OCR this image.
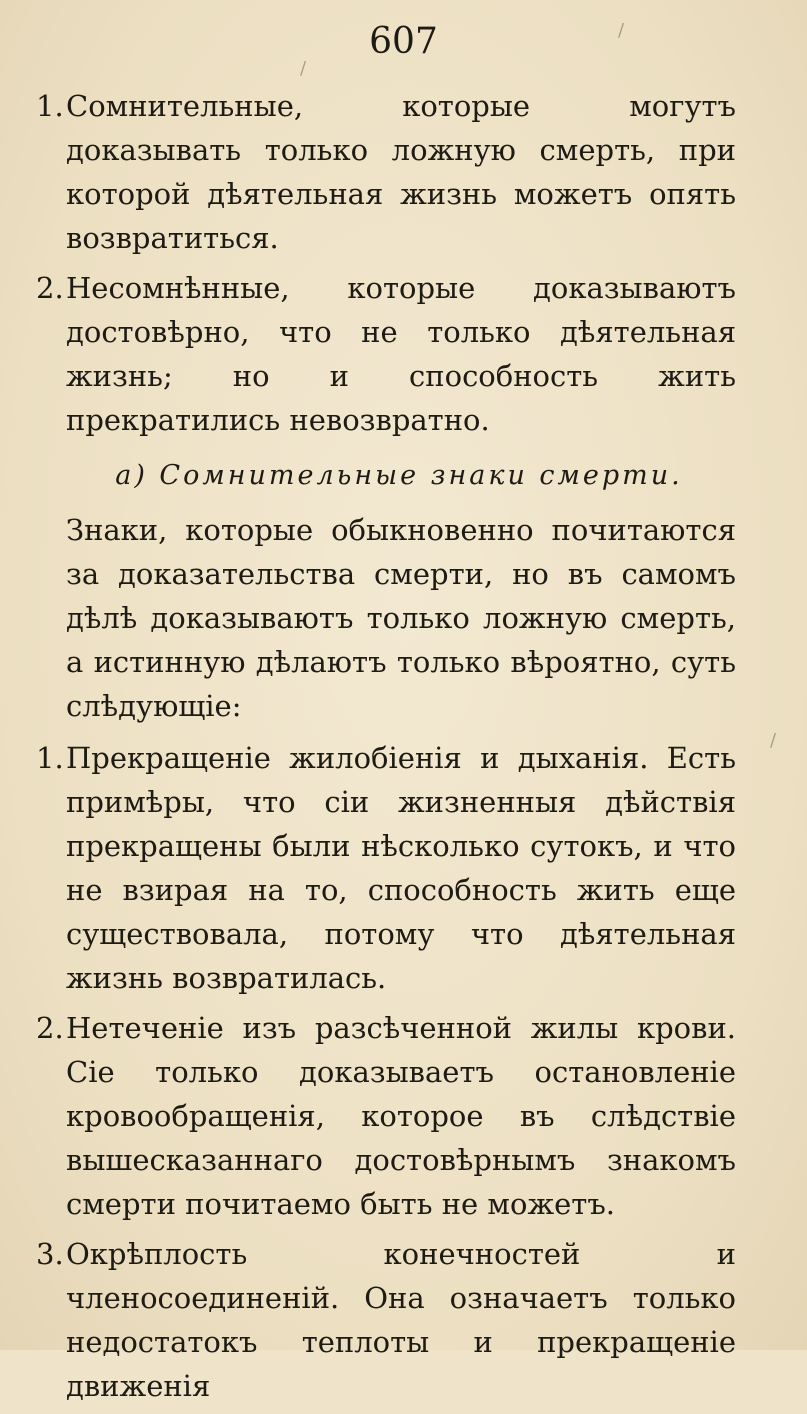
607
/
/
/
1. Сомнительные, которые могутъ доказывать только ложную смерть, при которой дѣятельная жизнь можетъ опять возвратиться.
2. Несомнѣнные, которые доказываютъ достовѣрно, что не только дѣятельная жизнь; но и способность жить прекратились невозвратно.
а) Сомнительные знаки смерти.
Знаки, которые обыкновенно почитаются за доказательства смерти, но въ самомъ дѣлѣ доказываютъ только ложную смерть, а истинную дѣлаютъ только вѣроятно, суть слѣдующіе:
1. Прекращеніе жилобіенія и дыханія. Есть примѣры, что сіи жизненныя дѣйствія прекращены были нѣсколько сутокъ, и что не взирая на то, способность жить еще существовала, потому что дѣятельная жизнь возвратилась.
2. Нетеченіе изъ разсѣченной жилы крови. Сіе только доказываетъ остановленіе кровообращенія, которое въ слѣдствіе вышесказаннаго достовѣрнымъ знакомъ смерти почитаемо быть не можетъ.
3. Окрѣплость конечностей и членосоединеній. Она означаетъ только недостатокъ теплоты и прекращеніе движенія
